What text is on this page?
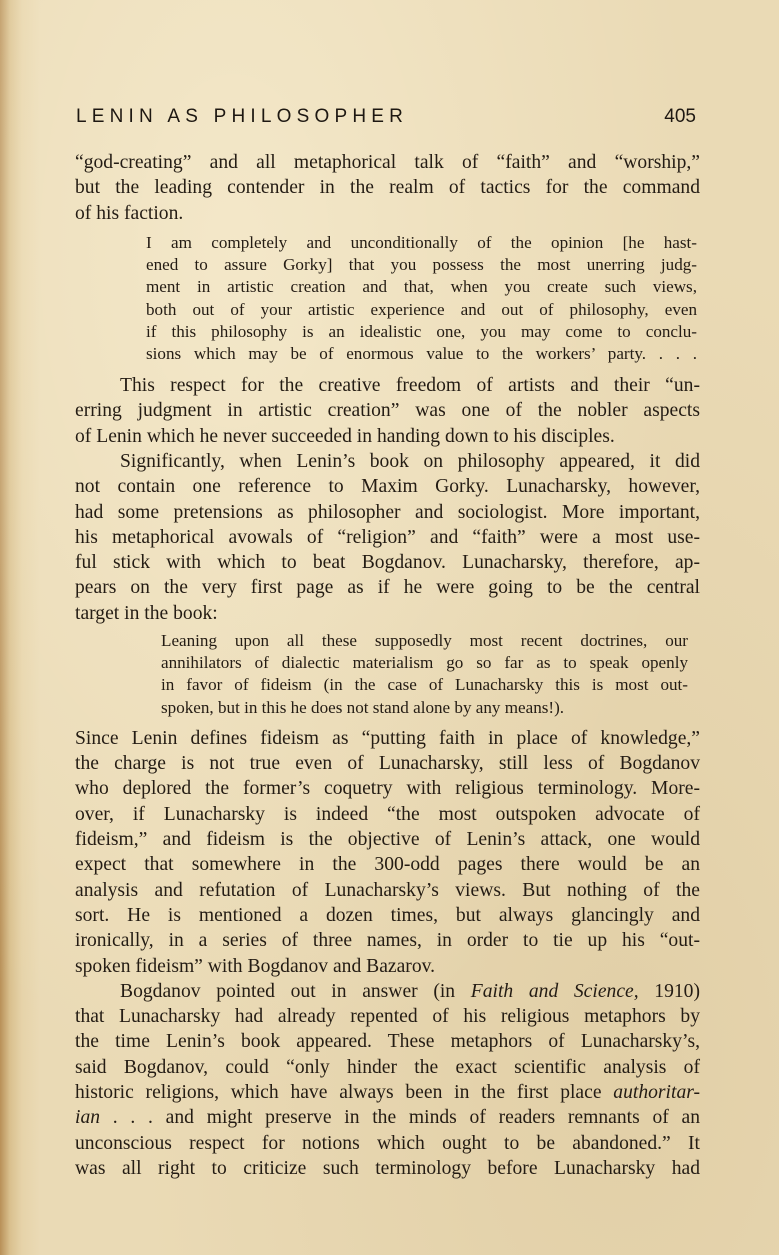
LENIN AS PHILOSOPHER	405

“god-creating” and all metaphorical talk of “faith” and “worship,”
but the leading contender in the realm of tactics for the command
of his faction.

I am completely and unconditionally of the opinion [he hast-
ened to assure Gorky] that you possess the most unerring judg-
ment in artistic creation and that, when you create such views,
both out of your artistic experience and out of philosophy, even
if this philosophy is an idealistic one, you may come to conclu-
sions which may be of enormous value to the workers’ party. . . .

This respect for the creative freedom of artists and their “un-
erring judgment in artistic creation” was one of the nobler aspects
of Lenin which he never succeeded in handing down to his disciples.

Significantly, when Lenin’s book on philosophy appeared, it did
not contain one reference to Maxim Gorky. Lunacharsky, however,
had some pretensions as philosopher and sociologist. More important,
his metaphorical avowals of “religion” and “faith” were a most use-
ful stick with which to beat Bogdanov. Lunacharsky, therefore, ap-
pears on the very first page as if he were going to be the central
target in the book:

Leaning upon all these supposedly most recent doctrines, our
annihilators of dialectic materialism go so far as to speak openly
in favor of fideism (in the case of Lunacharsky this is most out-
spoken, but in this he does not stand alone by any means!).

Since Lenin defines fideism as “putting faith in place of knowledge,”
the charge is not true even of Lunacharsky, still less of Bogdanov
who deplored the former’s coquetry with religious terminology. More-
over, if Lunacharsky is indeed “the most outspoken advocate of
fideism,” and fideism is the objective of Lenin’s attack, one would
expect that somewhere in the 300-odd pages there would be an
analysis and refutation of Lunacharsky’s views. But nothing of the
sort. He is mentioned a dozen times, but always glancingly and
ironically, in a series of three names, in order to tie up his “out-
spoken fideism” with Bogdanov and Bazarov.

Bogdanov pointed out in answer (in Faith and Science, 1910)
that Lunacharsky had already repented of his religious metaphors by
the time Lenin’s book appeared. These metaphors of Lunacharsky’s,
said Bogdanov, could “only hinder the exact scientific analysis of
historic religions, which have always been in the first place authoritar-
ian . . . and might preserve in the minds of readers remnants of an
unconscious respect for notions which ought to be abandoned.” It
was all right to criticize such terminology before Lunacharsky had
